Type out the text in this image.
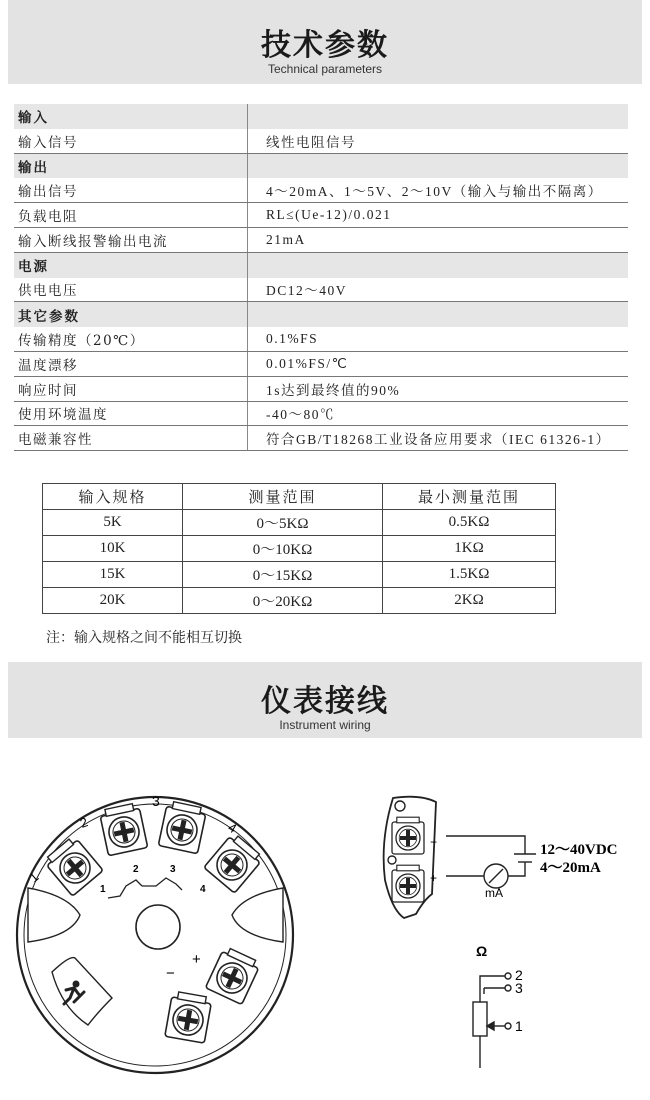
技术参数
Technical parameters
输入
输入信号	线性电阻信号
输出
输出信号	4～20mA、1～5V、2～10V（输入与输出不隔离）
负载电阻	RL≤(Ue-12)/0.021
输入断线报警输出电流	21mA
电源
供电电压	DC12～40V
其它参数
传输精度（20℃）	0.1%FS
温度漂移	0.01%FS/℃
响应时间	1s达到最终值的90%
使用环境温度	-40～80℃
电磁兼容性	符合GB/T18268工业设备应用要求（IEC 61326-1）
输入规格	测量范围	最小测量范围
5K	0～5KΩ	0.5KΩ
10K	0～10KΩ	1KΩ
15K	0～15KΩ	1.5KΩ
20K	0～20KΩ	2KΩ
注：输入规格之间不能相互切换
仪表接线
Instrument wiring
1
2
3
4
1
2	3
4
−
+
−
+
mA
12～40VDC
4～20mA
Ω
2
3
1
